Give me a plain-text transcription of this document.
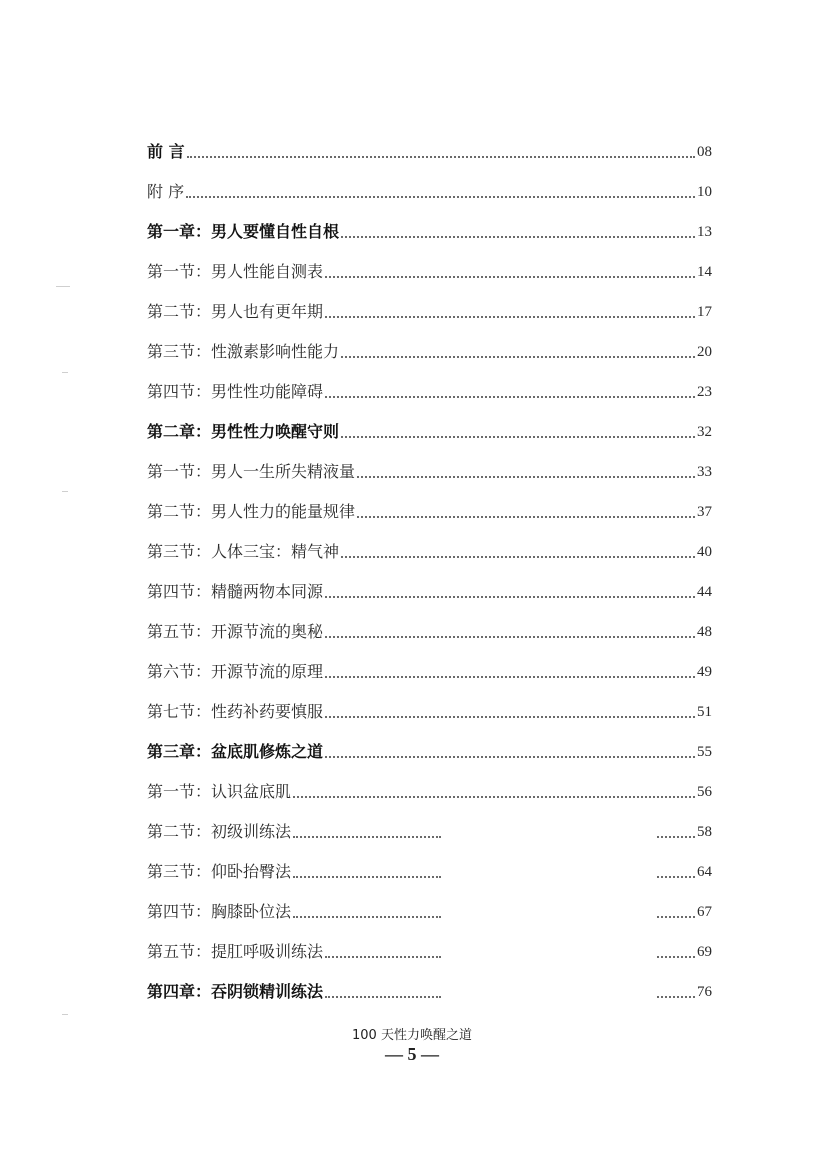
前 言	08
附 序	10
第一章：男人要懂自性自根	13
第一节：男人性能自测表	14
第二节：男人也有更年期	17
第三节：性激素影响性能力	20
第四节：男性性功能障碍	23
第二章：男性性力唤醒守则	32
第一节：男人一生所失精液量	33
第二节：男人性力的能量规律	37
第三节：人体三宝：精气神	40
第四节：精髓两物本同源	44
第五节：开源节流的奥秘	48
第六节：开源节流的原理	49
第七节：性药补药要慎服	51
第三章：盆底肌修炼之道	55
第一节：认识盆底肌	56
第二节：初级训练法	58
第三节：仰卧抬臀法	64
第四节：胸膝卧位法	67
第五节：提肛呼吸训练法	69
第四章：吞阴锁精训练法	76
100 天性力唤醒之道
— 5 —
